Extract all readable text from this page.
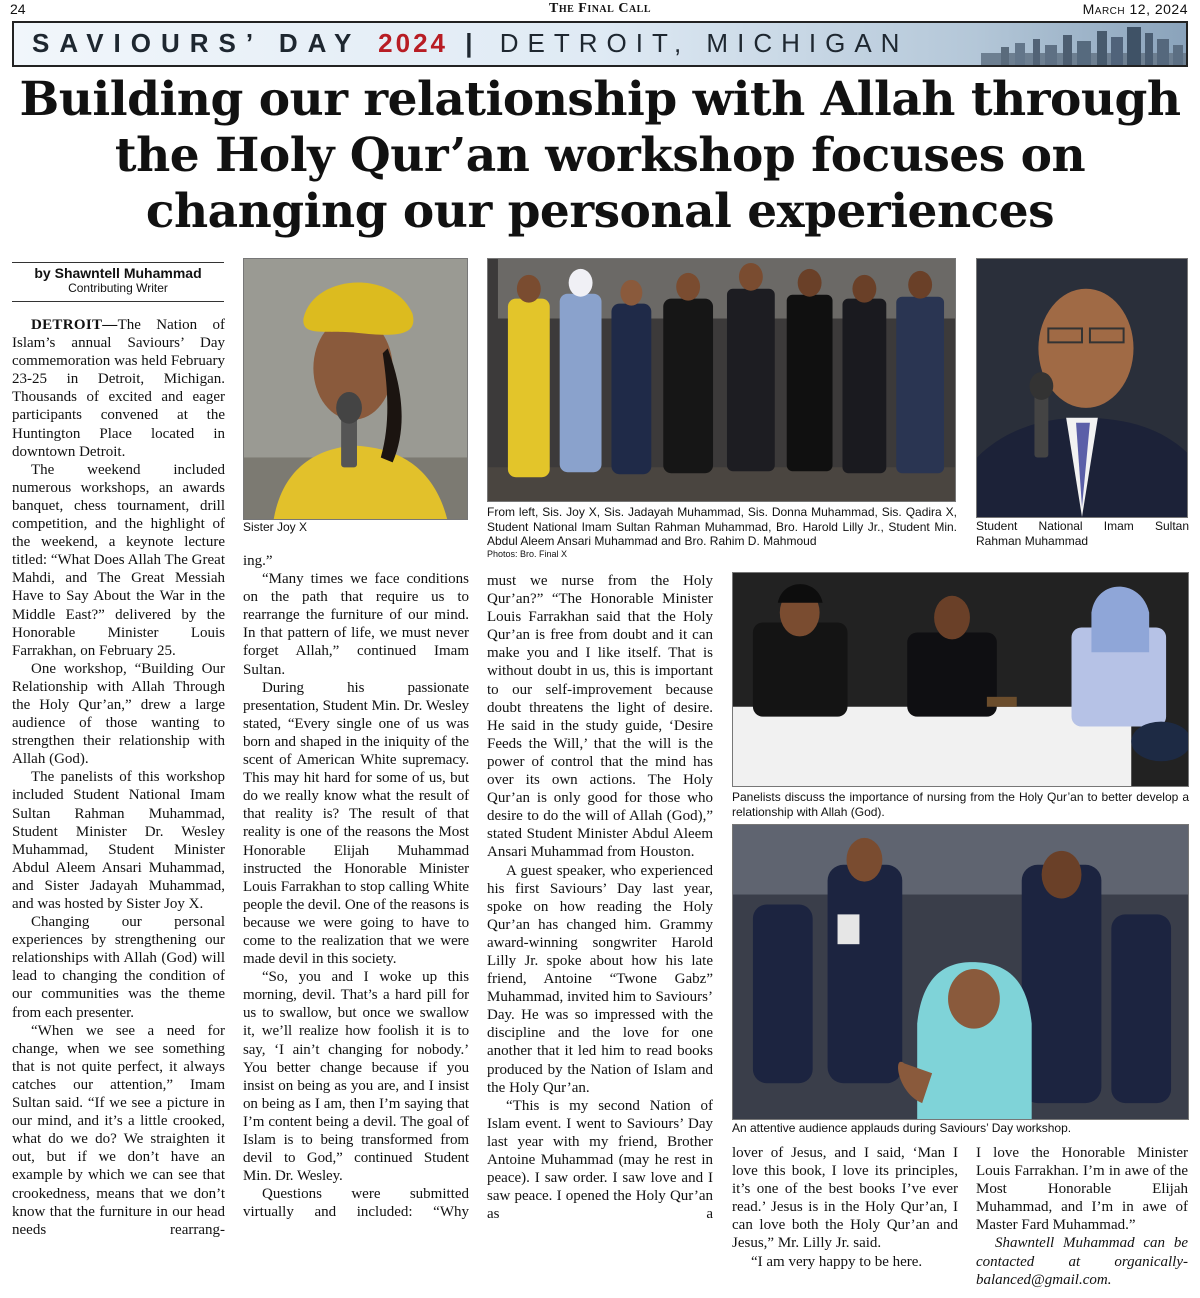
24	The Final Call	March 12, 2024
SAVIOURS’ DAY 2024 | DETROIT, MICHIGAN
Building our relationship with Allah through the Holy Qur’an workshop focuses on changing our personal experiences
by Shawntell Muhammad
Contributing Writer

DETROIT—The Nation of Islam’s annual Saviours’ Day commemoration was held February 23-25 in Detroit, Michigan. Thousands of excited and eager participants convened at the Huntington Place located in downtown Detroit.

The weekend included numerous workshops, an awards banquet, chess tournament, drill competition, and the highlight of the weekend, a keynote lecture titled: “What Does Allah The Great Mahdi, and The Great Messiah Have to Say About the War in the Middle East?” delivered by the Honorable Minister Louis Farrakhan, on February 25.

One workshop, “Building Our Relationship with Allah Through the Holy Qur’an,” drew a large audience of those wanting to strengthen their relationship with Allah (God).

The panelists of this workshop included Student National Imam Sultan Rahman Muhammad, Student Minister Dr. Wesley Muhammad, Student Minister Abdul Aleem Ansari Muhammad, and Sister Jadayah Muhammad, and was hosted by Sister Joy X.

Changing our personal experiences by strengthening our relationships with Allah (God) will lead to changing the condition of our communities was the theme from each presenter.

“When we see a need for change, when we see something that is not quite perfect, it always catches our attention,” Imam Sultan said. “If we see a picture in our mind, and it’s a little crooked, what do we do? We straighten it out, but if we don’t have an example by which we can see that crookedness, means that we don’t know that the furniture in our head needs rearrang-

ing.”

“Many times we face conditions on the path that require us to rearrange the furniture of our mind. In that pattern of life, we must never forget Allah,” continued Imam Sultan.

During his passionate presentation, Student Min. Dr. Wesley stated, “Every single one of us was born and shaped in the iniquity of the scent of American White supremacy. This may hit hard for some of us, but do we really know what the result of that reality is? The result of that reality is one of the reasons the Most Honorable Elijah Muhammad instructed the Honorable Minister Louis Farrakhan to stop calling White people the devil. One of the reasons is because we were going to have to come to the realization that we were made devil in this society.

“So, you and I woke up this morning, devil. That’s a hard pill for us to swallow, but once we swallow it, we’ll realize how foolish it is to say, ‘I ain’t changing for nobody.’ You better change because if you insist on being as you are, and I insist on being as I am, then I’m saying that I’m content being a devil. The goal of Islam is to being transformed from devil to God,” continued Student Min. Dr. Wesley.

Questions were submitted virtually and included: “Why

must we nurse from the Holy Qur’an?” “The Honorable Minister Louis Farrakhan said that the Holy Qur’an is free from doubt and it can make you and I like itself. That is without doubt in us, this is important to our self-improvement because doubt threatens the light of desire. He said in the study guide, ‘Desire Feeds the Will,’ that the will is the power of control that the mind has over its own actions. The Holy Qur’an is only good for those who desire to do the will of Allah (God),” stated Student Minister Abdul Aleem Ansari Muhammad from Houston.

A guest speaker, who experienced his first Saviours’ Day last year, spoke on how reading the Holy Qur’an has changed him. Grammy award-winning songwriter Harold Lilly Jr. spoke about how his late friend, Antoine “Twone Gabz” Muhammad, invited him to Saviours’ Day. He was so impressed with the discipline and the love for one another that it led him to read books produced by the Nation of Islam and the Holy Qur’an.

“This is my second Nation of Islam event. I went to Saviours’ Day last year with my friend, Brother Antoine Muhammad (may he rest in peace). I saw order. I saw love and I saw peace. I opened the Holy Qur’an as a

lover of Jesus, and I said, ‘Man I love this book, I love its principles, it’s one of the best books I’ve ever read.’ Jesus is in the Holy Qur’an, I can love both the Holy Qur’an and Jesus,” Mr. Lilly Jr. said.

“I am very happy to be here.

I love the Honorable Minister Louis Farrakhan. I’m in awe of the Most Honorable Elijah Muhammad, and I’m in awe of Master Fard Muhammad.”

Shawntell Muhammad can be contacted at organically-balanced@gmail.com.

Sister Joy X
From left, Sis. Joy X, Sis. Jadayah Muhammad, Sis. Donna Muhammad, Sis. Qadira X, Student National Imam Sultan Rahman Muhammad, Bro. Harold Lilly Jr., Student Min. Abdul Aleem Ansari Muhammad and Bro. Rahim D. Mahmoud
Photos: Bro. Final X
Student National Imam Sultan
Rahman Muhammad
Panelists discuss the importance of nursing from the Holy Qur’an to better develop a relationship with Allah (God).
An attentive audience applauds during Saviours’ Day workshop.
